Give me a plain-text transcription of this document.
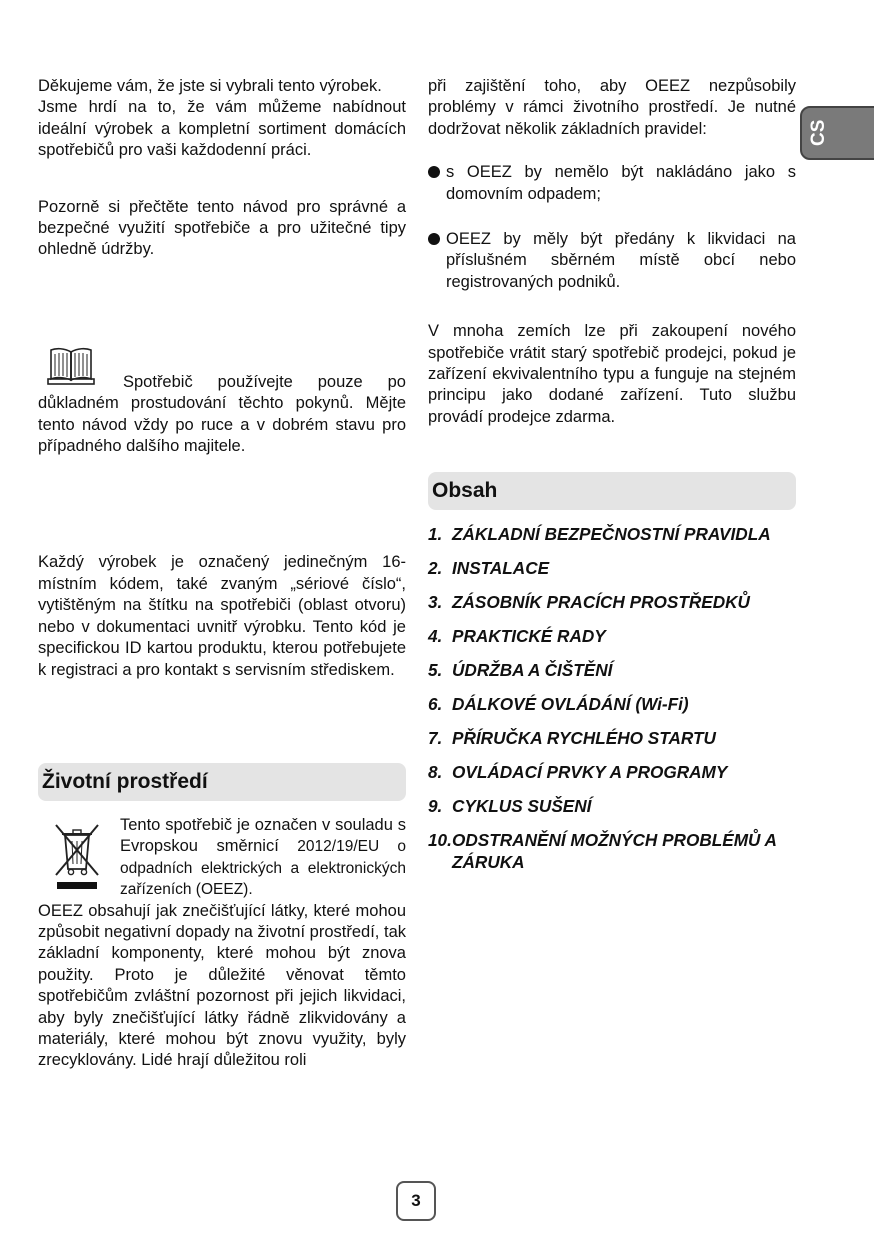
CS

Děkujeme vám, že jste si vybrali tento výrobek.

Jsme hrdí na to, že vám můžeme nabídnout ideální výrobek a kompletní sortiment domácích spotřebičů pro vaši každodenní práci.

Pozorně si přečtěte tento návod pro správné a bezpečné využití spotřebiče a pro užitečné tipy ohledně údržby.

Spotřebič používejte pouze po důkladném prostudování těchto pokynů. Mějte tento návod vždy po ruce a v dobrém stavu pro případného dalšího majitele.

Každý výrobek je označený jedinečným 16-místním kódem, také zvaným „sériové číslo“, vytištěným na štítku na spotřebiči (oblast otvoru) nebo v dokumentaci uvnitř výrobku. Tento kód je specifickou ID kartou produktu, kterou potřebujete k registraci a pro kontakt s servisním střediskem.

Životní prostředí
Tento spotřebič je označen v souladu s Evropskou směrnicí 2012/19/EU o odpadních elektrických a elektronických zařízeních (OEEZ).

OEEZ obsahují jak znečišťující látky, které mohou způsobit negativní dopady na životní prostředí, tak základní komponenty, které mohou být znova použity. Proto je důležité věnovat těmto spotřebičům zvláštní pozornost při jejich likvidaci, aby byly znečišťující látky řádně zlikvidovány a materiály, které mohou být znovu využity, byly zrecyklovány. Lidé hrají důležitou roli

při zajištění toho, aby OEEZ nezpůsobily problémy v rámci životního prostředí. Je nutné dodržovat několik základních pravidel:

s OEEZ by nemělo být nakládáno jako s domovním odpadem;
OEEZ by měly být předány k likvidaci na příslušném sběrném místě obcí nebo registrovaných podniků.

V mnoha zemích lze při zakoupení nového spotřebiče vrátit starý spotřebič prodejci, pokud je zařízení ekvivalentního typu a funguje na stejném principu jako dodané zařízení. Tuto službu provádí prodejce zdarma.

Obsah
1. ZÁKLADNÍ BEZPEČNOSTNÍ PRAVIDLA
2. INSTALACE
3. ZÁSOBNÍK PRACÍCH PROSTŘEDKŮ
4. PRAKTICKÉ RADY
5. ÚDRŽBA A ČIŠTĚNÍ
6. DÁLKOVÉ OVLÁDÁNÍ (Wi-Fi)
7. PŘÍRUČKA RYCHLÉHO STARTU
8. OVLÁDACÍ PRVKY A PROGRAMY
9. CYKLUS SUŠENÍ
10. ODSTRANĚNÍ MOŽNÝCH PROBLÉMŮ A ZÁRUKA
3
